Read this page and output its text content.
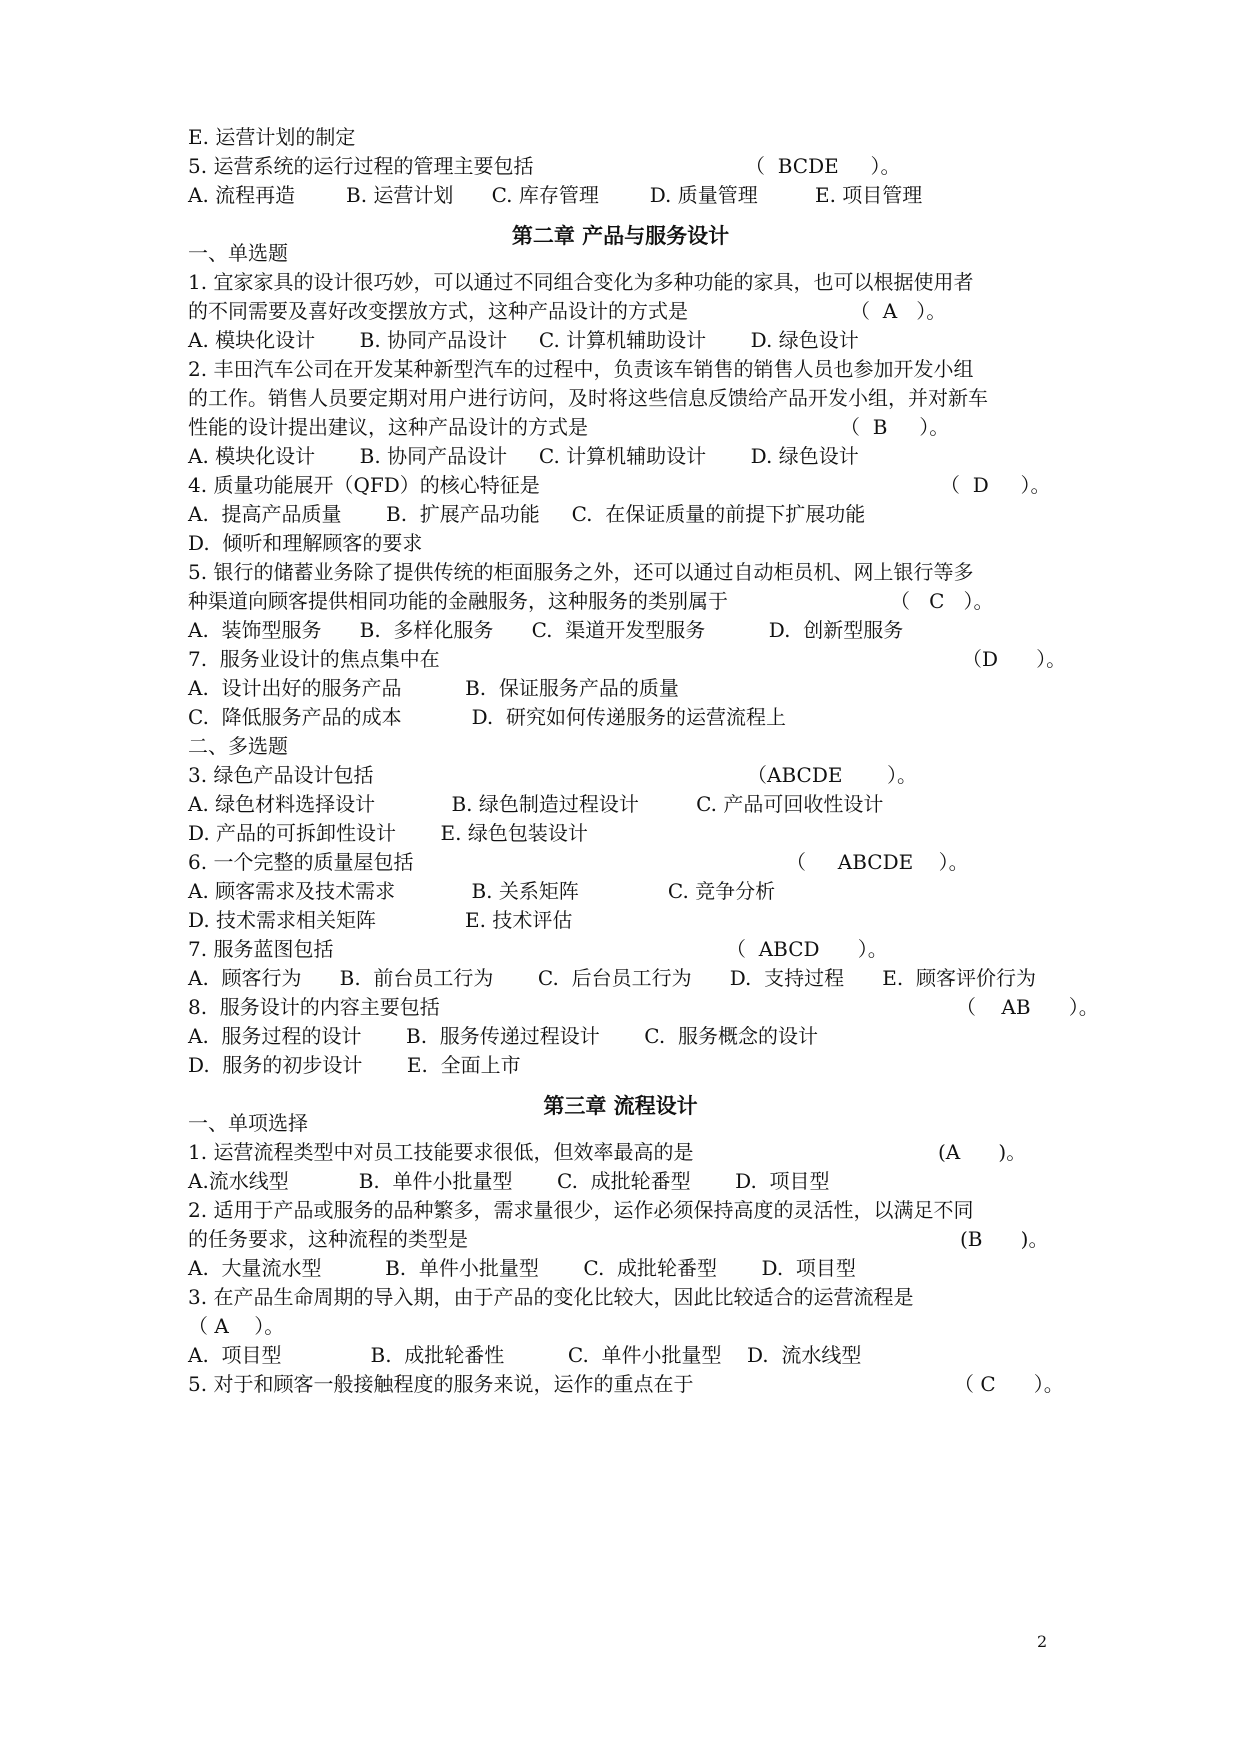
E. 运营计划的制定
5. 运营系统的运行过程的管理主要包括	（  BCDE     ）。
A. 流程再造        B. 运营计划      C. 库存管理        D. 质量管理         E. 项目管理
第二章 产品与服务设计
一、单选题
1. 宜家家具的设计很巧妙，可以通过不同组合变化为多种功能的家具，也可以根据使用者
的不同需要及喜好改变摆放方式，这种产品设计的方式是	（  A   ）。
A. 模块化设计       B. 协同产品设计     C. 计算机辅助设计       D. 绿色设计
2. 丰田汽车公司在开发某种新型汽车的过程中，负责该车销售的销售人员也参加开发小组
的工作。销售人员要定期对用户进行访问，及时将这些信息反馈给产品开发小组，并对新车
性能的设计提出建议，这种产品设计的方式是	（  B     ）。
A. 模块化设计       B. 协同产品设计     C. 计算机辅助设计       D. 绿色设计
4. 质量功能展开（QFD）的核心特征是	（  D     ）。
A.  提高产品质量       B.  扩展产品功能     C.  在保证质量的前提下扩展功能
D.  倾听和理解顾客的要求
5. 银行的储蓄业务除了提供传统的柜面服务之外，还可以通过自动柜员机、网上银行等多
种渠道向顾客提供相同功能的金融服务，这种服务的类别属于	（   C   ）。
A.  装饰型服务      B.  多样化服务      C.  渠道开发型服务          D.  创新型服务
7.  服务业设计的焦点集中在	（D      ）。
A.  设计出好的服务产品          B.  保证服务产品的质量
C.  降低服务产品的成本           D.  研究如何传递服务的运营流程上
二、多选题
3. 绿色产品设计包括	（ABCDE       ）。
A. 绿色材料选择设计            B. 绿色制造过程设计         C. 产品可回收性设计
D. 产品的可拆卸性设计       E. 绿色包装设计
6. 一个完整的质量屋包括	（     ABCDE    ）。
A. 顾客需求及技术需求            B. 关系矩阵              C. 竞争分析
D. 技术需求相关矩阵              E. 技术评估
7. 服务蓝图包括	（  ABCD      ）。
A.  顾客行为      B.  前台员工行为       C.  后台员工行为      D.  支持过程      E.  顾客评价行为
8.  服务设计的内容主要包括	（    AB      ）。
A.  服务过程的设计       B.  服务传递过程设计       C.  服务概念的设计
D.  服务的初步设计       E.  全面上市
第三章 流程设计
一、单项选择
1. 运营流程类型中对员工技能要求很低，但效率最高的是	(A      )。
A.流水线型           B.  单件小批量型       C.  成批轮番型       D.  项目型
2. 适用于产品或服务的品种繁多，需求量很少，运作必须保持高度的灵活性，以满足不同
的任务要求，这种流程的类型是	(B      )。
A.  大量流水型          B.  单件小批量型       C.  成批轮番型       D.  项目型
3. 在产品生命周期的导入期，由于产品的变化比较大，因此比较适合的运营流程是
（ A    ）。
A.  项目型              B.  成批轮番性          C.  单件小批量型    D.  流水线型
5. 对于和顾客一般接触程度的服务来说，运作的重点在于	（ C      ）。
2
